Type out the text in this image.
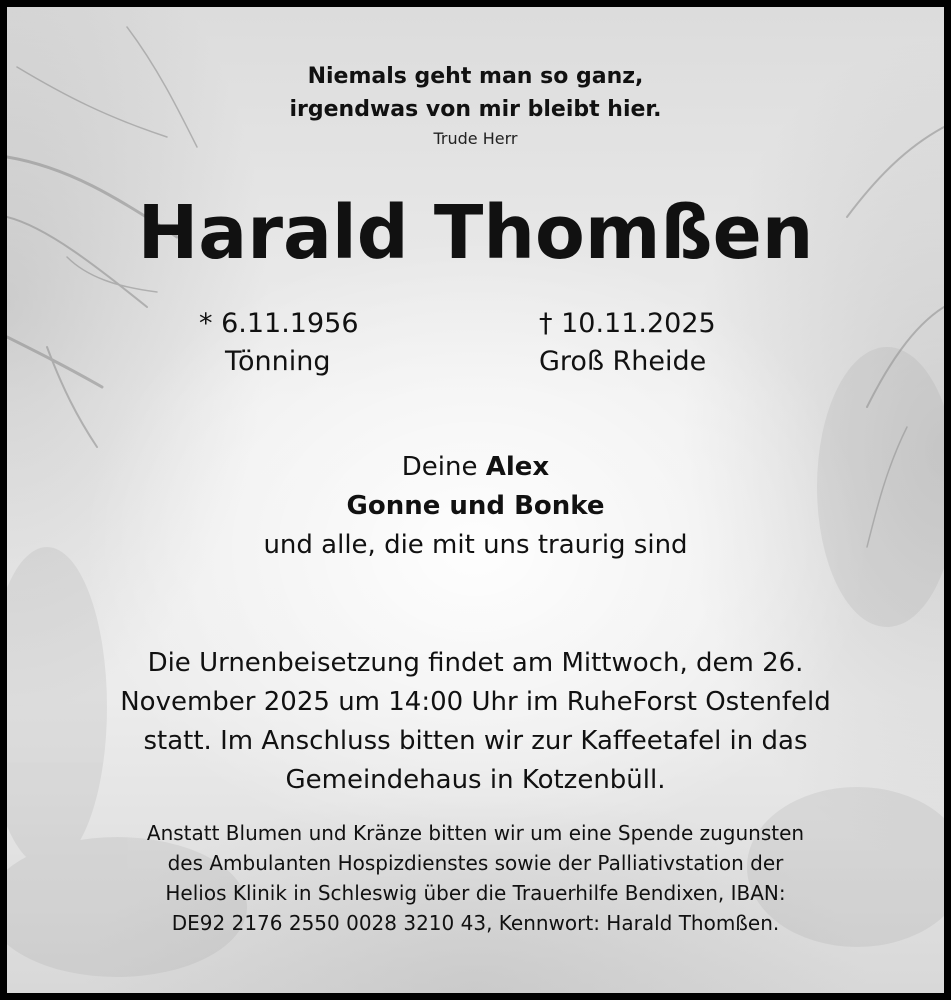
Niemals geht man so ganz,
irgendwas von mir bleibt hier.
Trude Herr
Harald Thomßen
* 6.11.1956
Tönning
† 10.11.2025
Groß Rheide
Deine Alex
Gonne und Bonke
und alle, die mit uns traurig sind

Die Urnenbeisetzung findet am Mittwoch, dem 26.

November 2025 um 14:00 Uhr im RuheForst Ostenfeld

statt. Im Anschluss bitten wir zur Kaffeetafel in das

Gemeindehaus in Kotzenbüll.

Anstatt Blumen und Kränze bitten wir um eine Spende zugunsten

des Ambulanten Hospizdienstes sowie der Palliativstation der

Helios Klinik in Schleswig über die Trauerhilfe Bendixen, IBAN:

DE92 2176 2550 0028 3210 43, Kennwort: Harald Thomßen.
